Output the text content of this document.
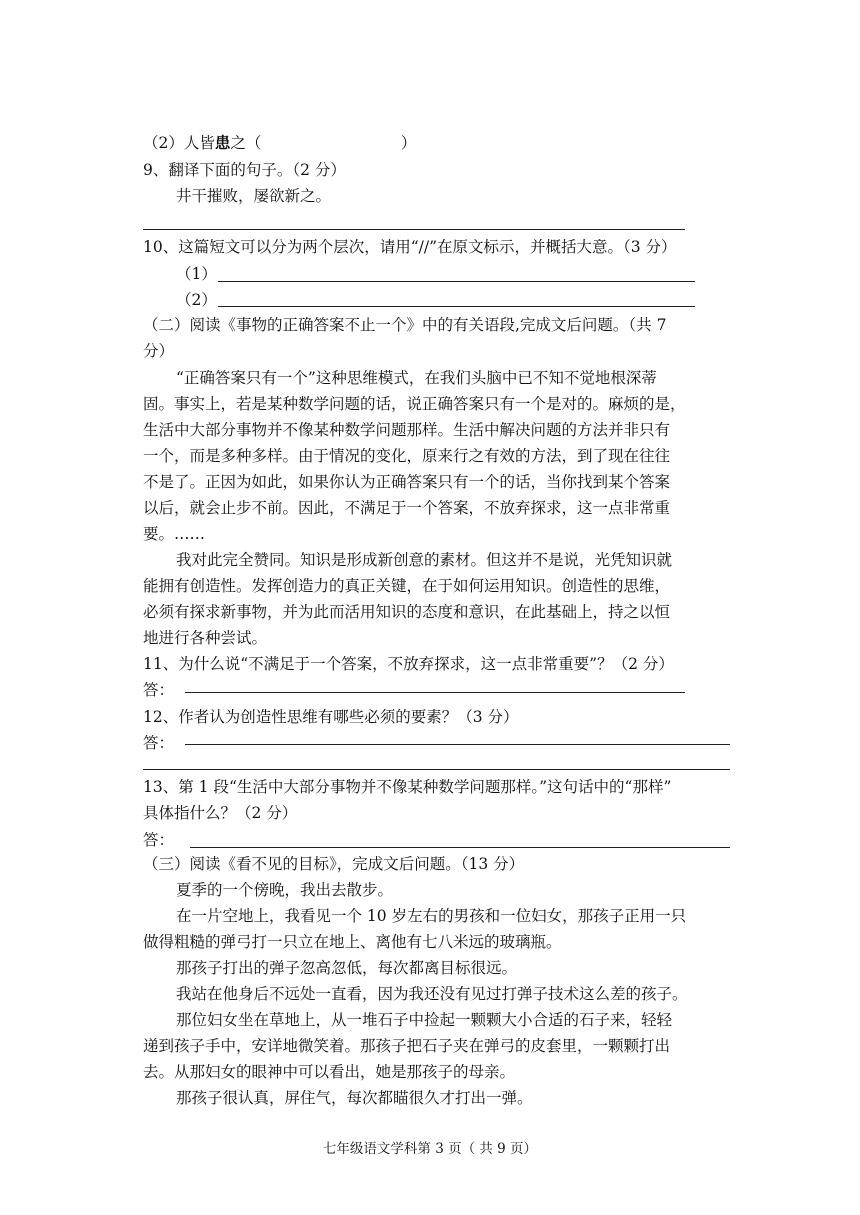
（2）人皆患之（　　　　　　　　　）
9、翻译下面的句子。（2 分）
井干摧败，屡欲新之。
10、这篇短文可以分为两个层次，请用“//”在原文标示，并概括大意。（3 分）
（1）
（2）
（二）阅读《事物的正确答案不止一个》中的有关语段,完成文后问题。（共 7
分）
“正确答案只有一个”这种思维模式，在我们头脑中已不知不觉地根深蒂
固。事实上，若是某种数学问题的话，说正确答案只有一个是对的。麻烦的是，
生活中大部分事物并不像某种数学问题那样。生活中解决问题的方法并非只有
一个，而是多种多样。由于情况的变化，原来行之有效的方法，到了现在往往
不是了。正因为如此，如果你认为正确答案只有一个的话，当你找到某个答案
以后，就会止步不前。因此，不满足于一个答案，不放弃探求，这一点非常重
要。……
我对此完全赞同。知识是形成新创意的素材。但这并不是说，光凭知识就
能拥有创造性。发挥创造力的真正关键，在于如何运用知识。创造性的思维，
必须有探求新事物，并为此而活用知识的态度和意识，在此基础上，持之以恒
地进行各种尝试。
11、为什么说“不满足于一个答案，不放弃探求，这一点非常重要”？（2 分）
答：
12、作者认为创造性思维有哪些必须的要素？（3 分）
答：
13、第 1 段“生活中大部分事物并不像某种数学问题那样。”这句话中的“那样”
具体指什么？（2 分）
答：
（三）阅读《看不见的目标》，完成文后问题。（13 分）
夏季的一个傍晚，我出去散步。
在一片空地上，我看见一个 10 岁左右的男孩和一位妇女，那孩子正用一只
做得粗糙的弹弓打一只立在地上、离他有七八米远的玻璃瓶。
那孩子打出的弹子忽高忽低，每次都离目标很远。
我站在他身后不远处一直看，因为我还没有见过打弹子技术这么差的孩子。
那位妇女坐在草地上，从一堆石子中捡起一颗颗大小合适的石子来，轻轻
递到孩子手中，安详地微笑着。那孩子把石子夹在弹弓的皮套里，一颗颗打出
去。从那妇女的眼神中可以看出，她是那孩子的母亲。
那孩子很认真，屏住气，每次都瞄很久才打出一弹。
七年级语文学科第 3 页（ 共 9 页）
